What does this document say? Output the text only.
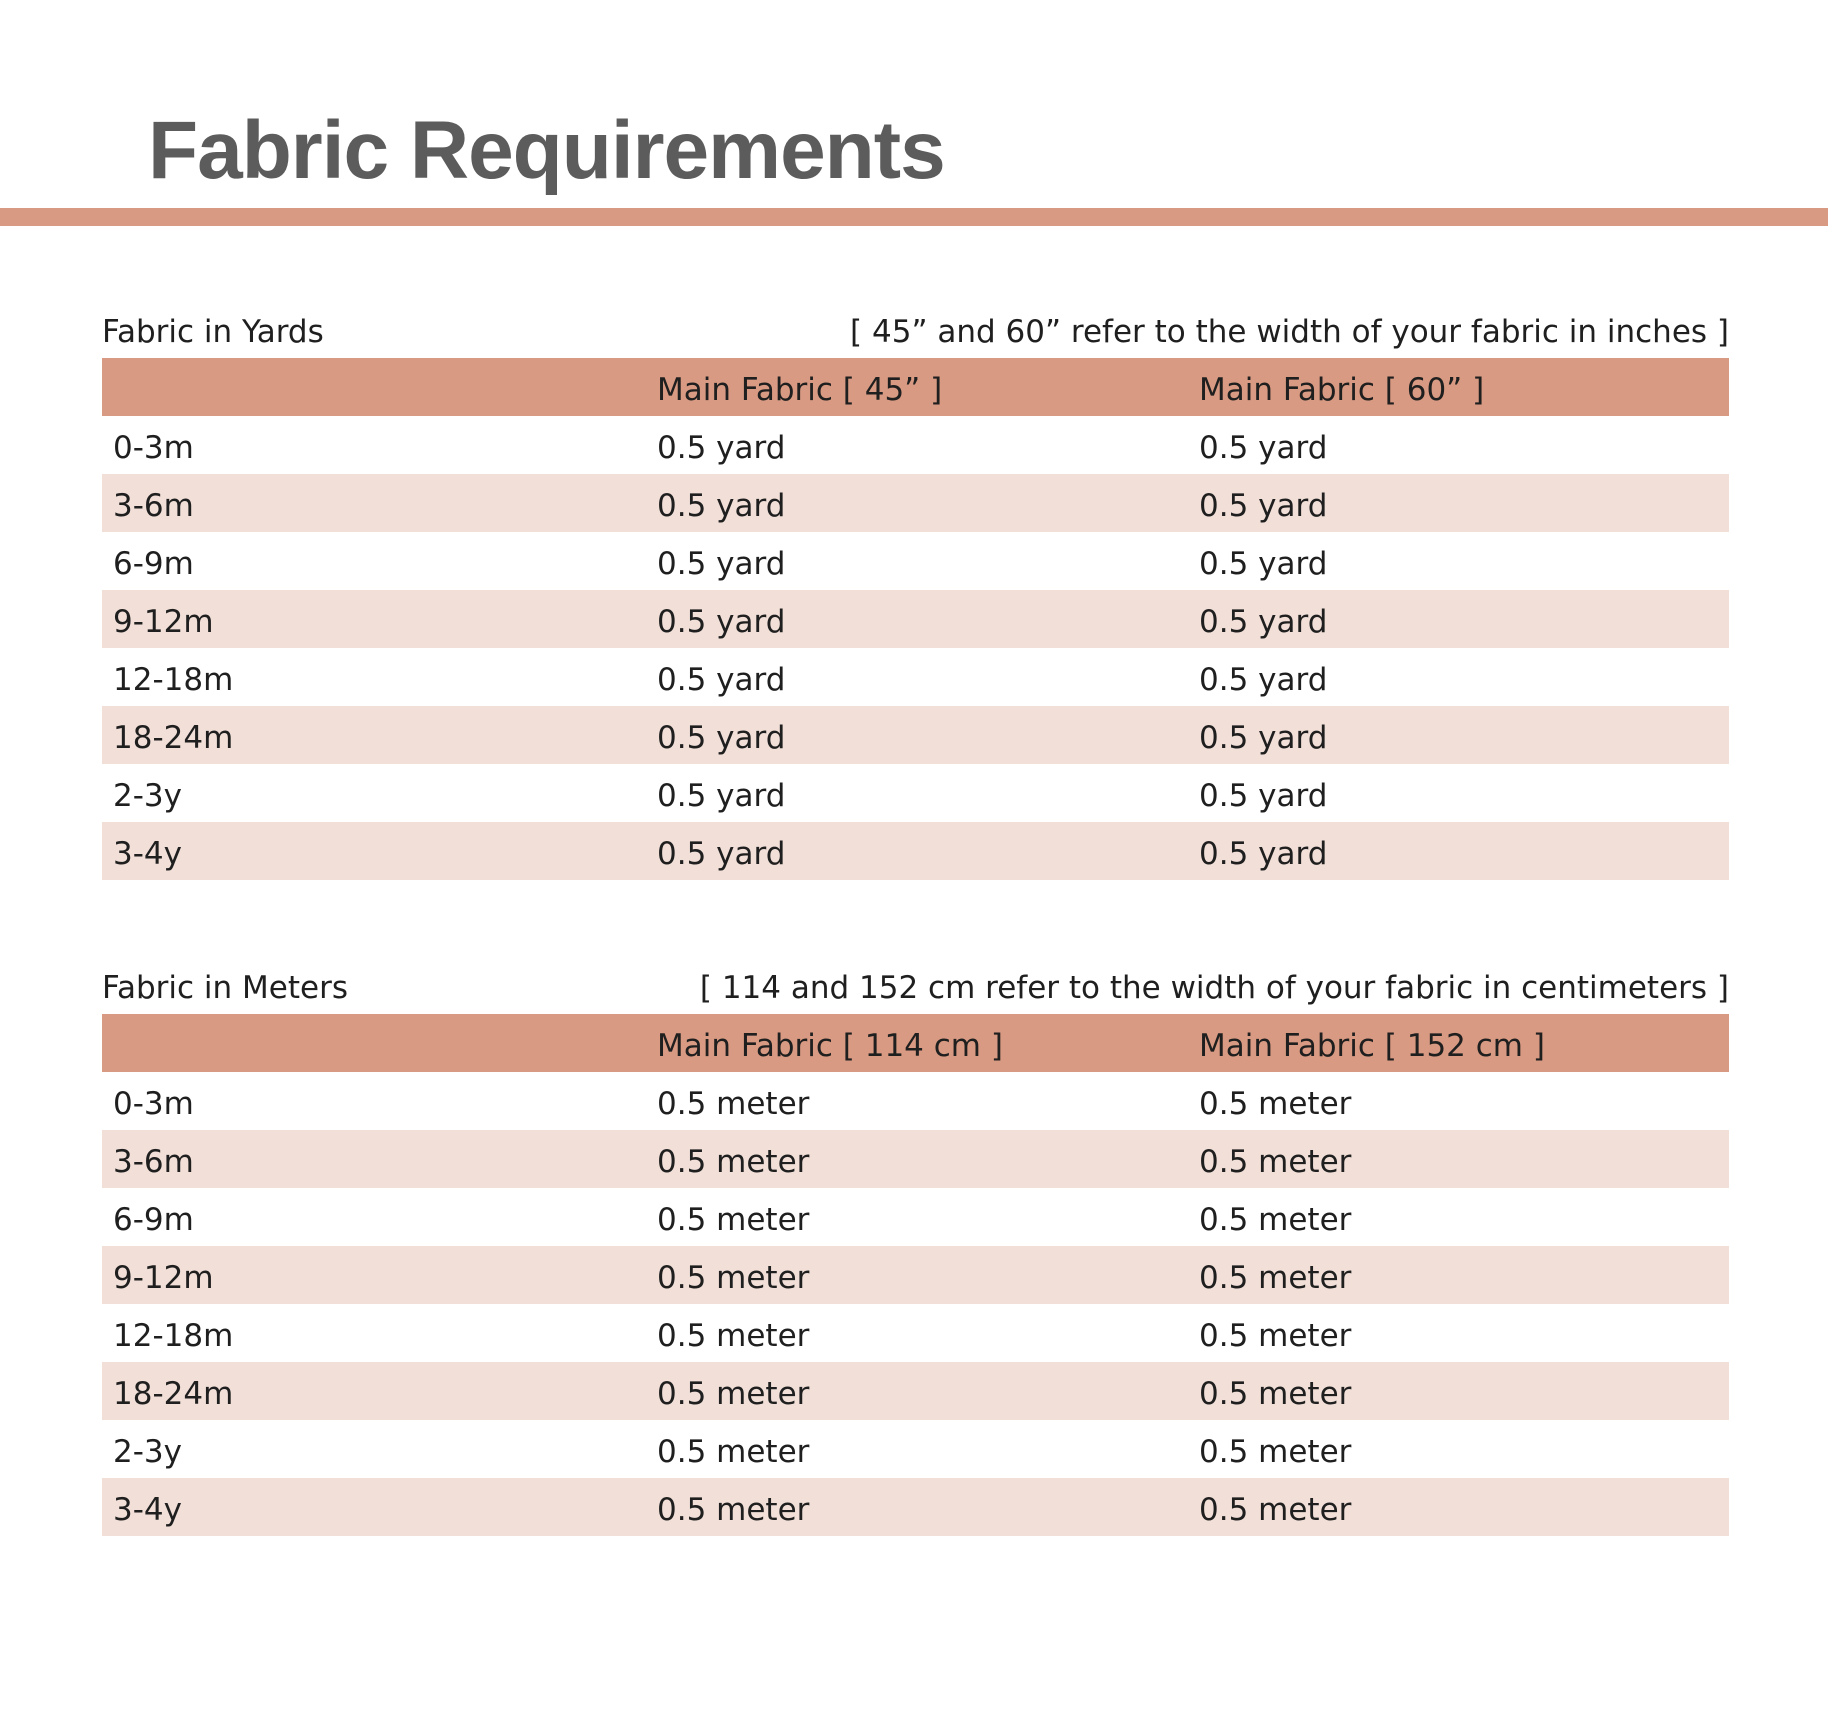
Fabric Requirements
Fabric in Yards	[ 45” and 60” refer to the width of your fabric in inches ]
Main Fabric [ 45” ]	Main Fabric [ 60” ]
0-3m	0.5 yard	0.5 yard
3-6m	0.5 yard	0.5 yard
6-9m	0.5 yard	0.5 yard
9-12m	0.5 yard	0.5 yard
12-18m	0.5 yard	0.5 yard
18-24m	0.5 yard	0.5 yard
2-3y	0.5 yard	0.5 yard
3-4y	0.5 yard	0.5 yard
Fabric in Meters	[ 114 and 152 cm refer to the width of your fabric in centimeters ]
Main Fabric [ 114 cm ]	Main Fabric [ 152 cm ]
0-3m	0.5 meter	0.5 meter
3-6m	0.5 meter	0.5 meter
6-9m	0.5 meter	0.5 meter
9-12m	0.5 meter	0.5 meter
12-18m	0.5 meter	0.5 meter
18-24m	0.5 meter	0.5 meter
2-3y	0.5 meter	0.5 meter
3-4y	0.5 meter	0.5 meter
